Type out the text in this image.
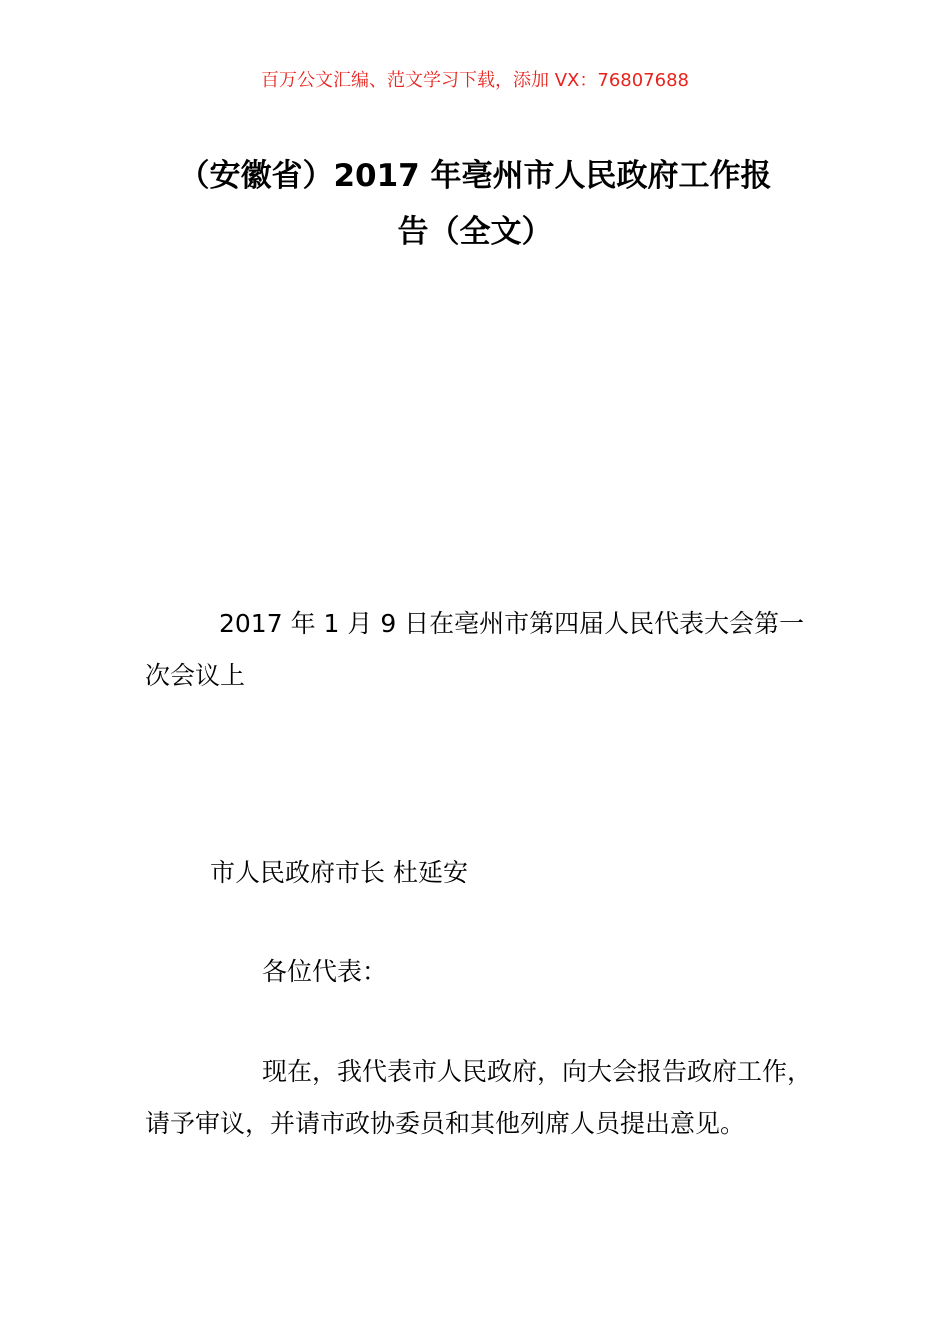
百万公文汇编、范文学习下载，添加 VX：76807688
（安徽省）2017 年亳州市人民政府工作报
告（全文）

2017 年 1 月 9 日在亳州市第四届人民代表大会第一次会议上

市人民政府市长 杜延安

各位代表：

现在，我代表市人民政府，向大会报告政府工作，请予审议，并请市政协委员和其他列席人员提出意见。
